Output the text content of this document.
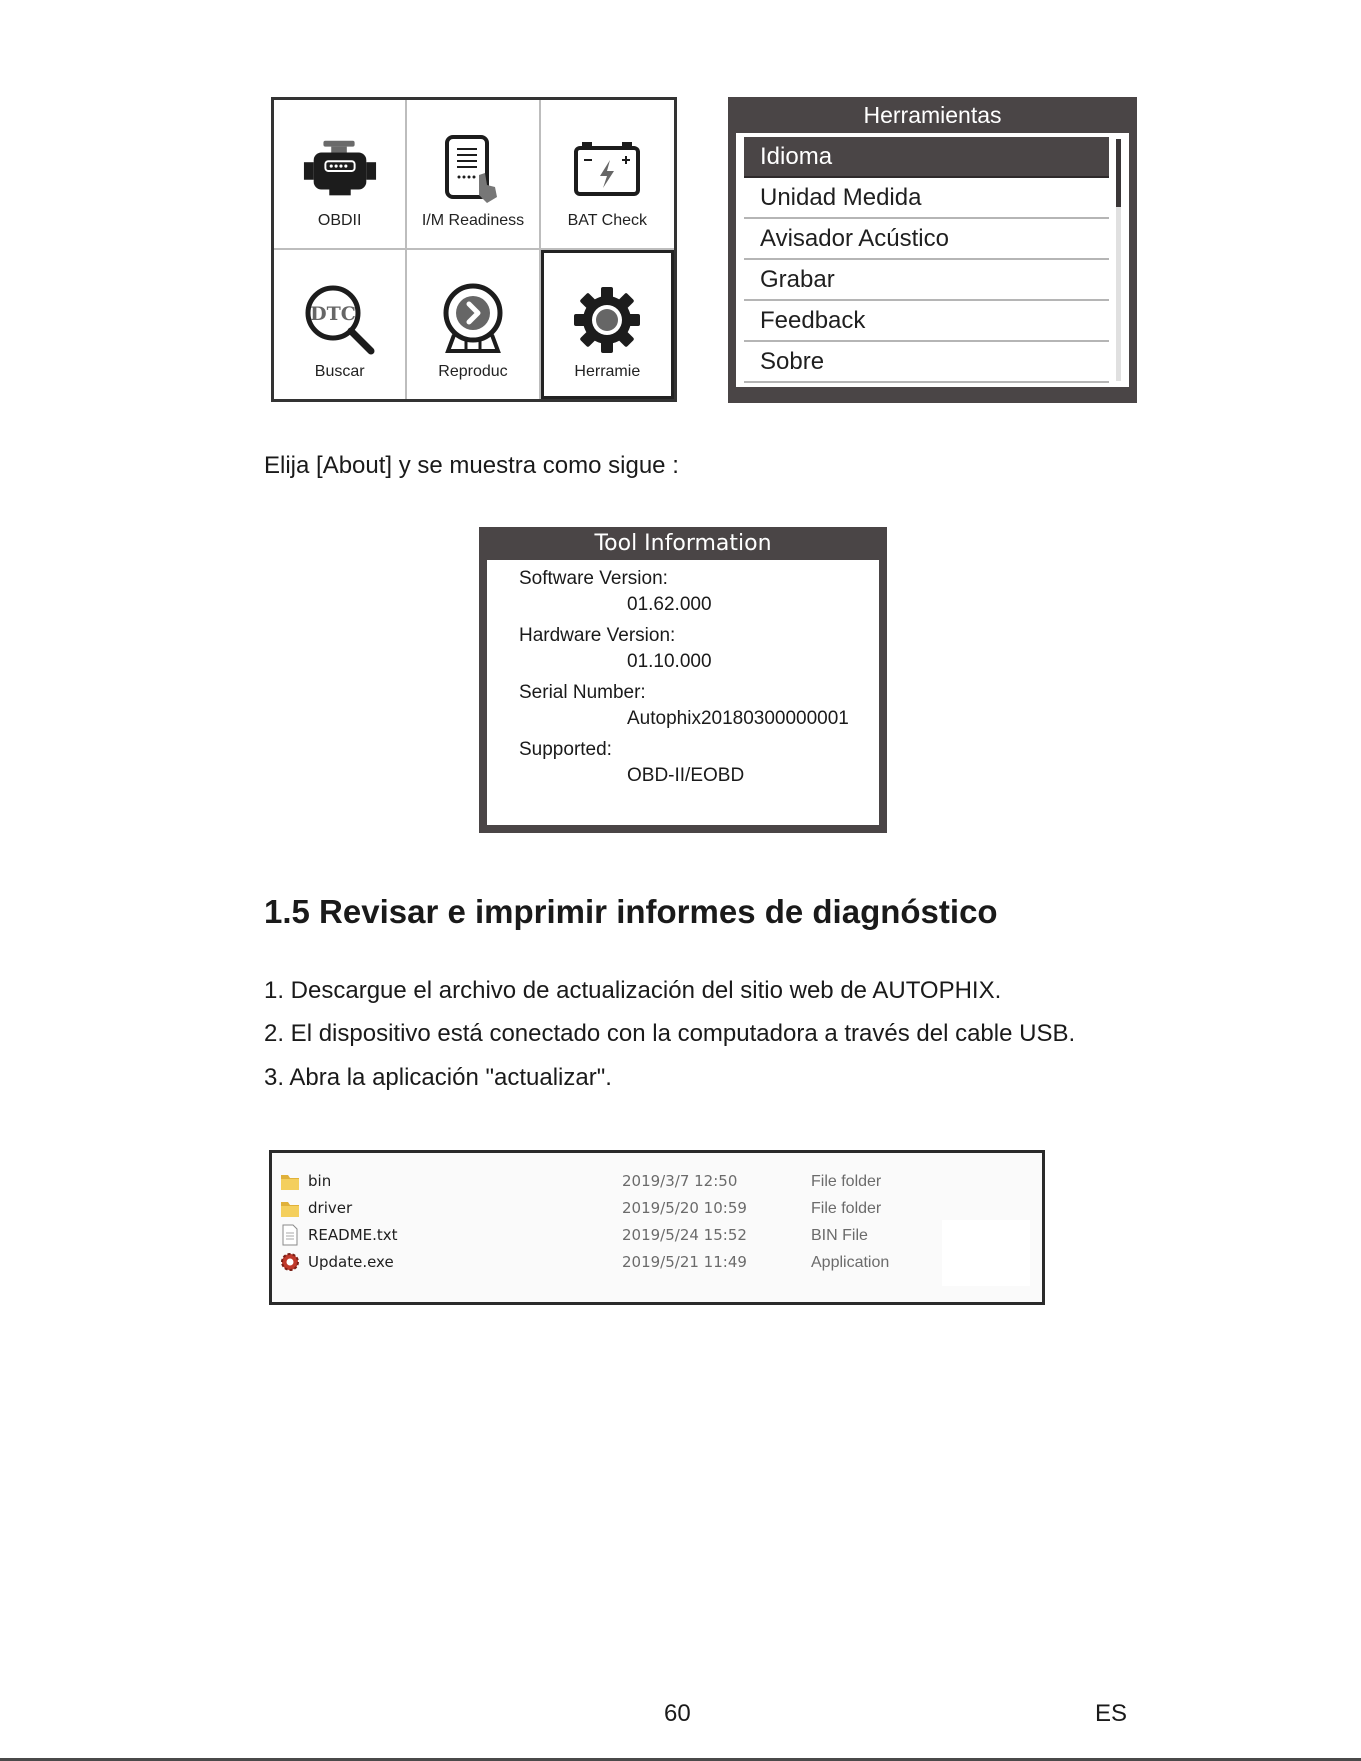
OBDII	I/M Readiness	BAT Check
DTC
Buscar	Reproduc	Herramie
Herramientas
Idioma
Unidad Medida
Avisador Acústico
Grabar
Feedback
Sobre
Elija [About] y se muestra como sigue :
Tool Information
Software Version:
01.62.000
Hardware Version:
01.10.000
Serial Number:
Autophix20180300000001
Supported:
OBD-II/EOBD
1.5 Revisar e imprimir informes de diagnóstico
1. Descargue el archivo de actualización del sitio web de AUTOPHIX.
2. El dispositivo está conectado con la computadora a través del cable USB.
3. Abra la aplicación "actualizar".
bin	2019/3/7 12:50	File folder
driver	2019/5/20 10:59	File folder
README.txt	2019/5/24 15:52	BIN File
Update.exe	2019/5/21 11:49	Application
60	ES
